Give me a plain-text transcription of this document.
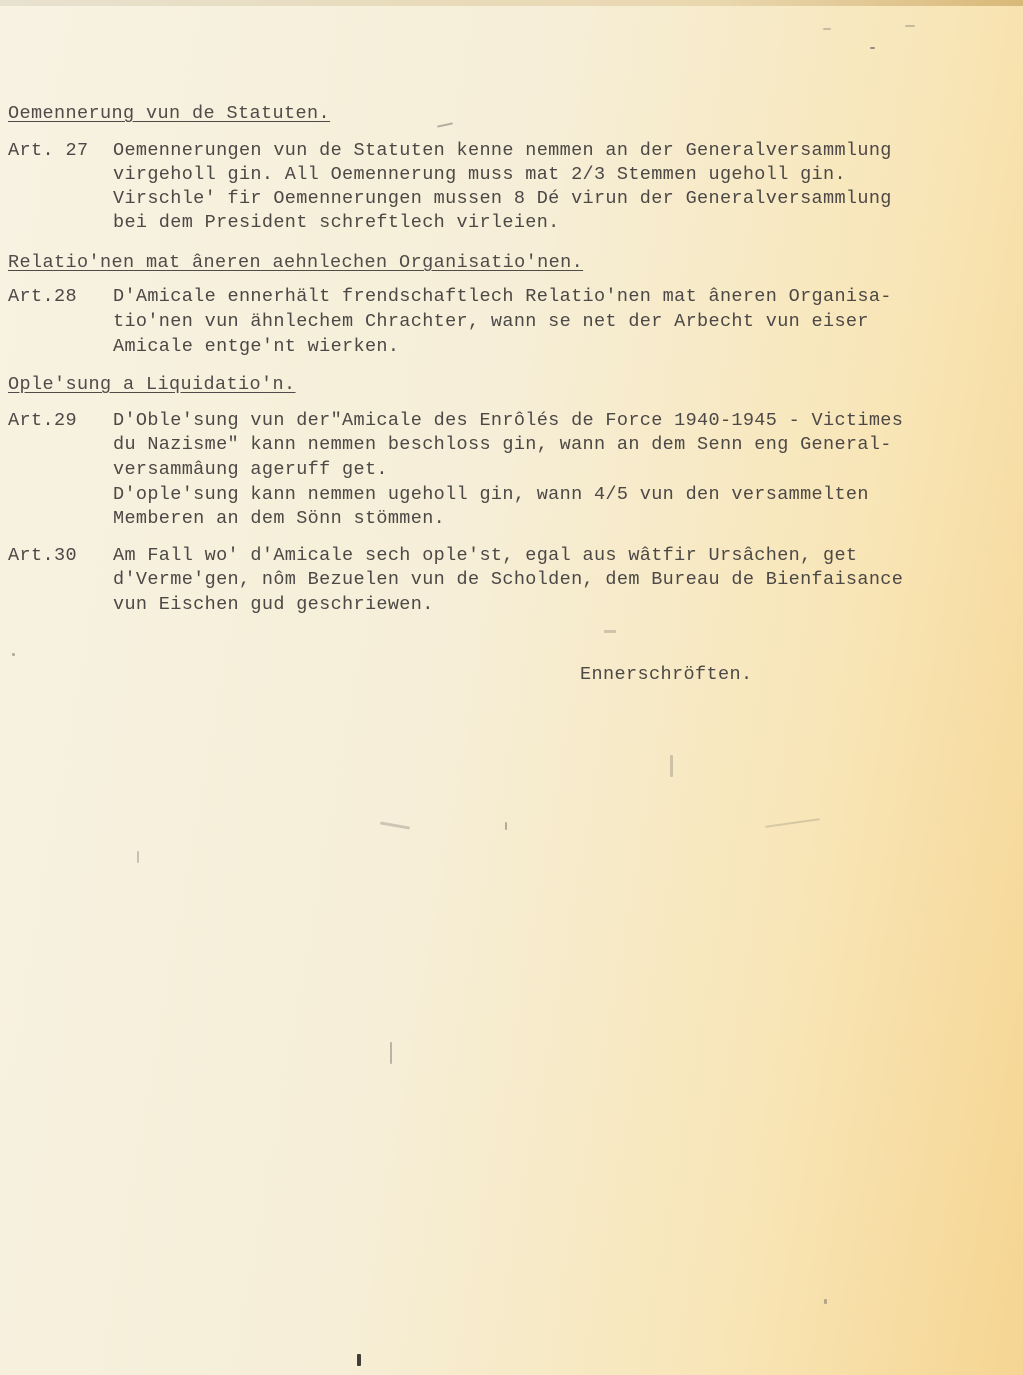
Oemennerung vun de Statuten.
Art. 27 Oemennerungen vun de Statuten kenne nemmen an der Generalversammlung
virgeholl gin. All Oemennerung muss mat 2/3 Stemmen ugeholl gin.
Virschle' fir Oemennerungen mussen 8 Dé virun der Generalversammlung
bei dem President schreftlech virleien.
Relatio'nen mat âneren aehnlechen Organisatio'nen.
Art.28 D'Amicale ennerhält frendschaftlech Relatio'nen mat âneren Organisa-
tio'nen vun ähnlechem Chrachter, wann se net der Arbecht vun eiser
Amicale entge'nt wierken.
Ople'sung a Liquidatio'n.
Art.29 D'Oble'sung vun der"Amicale des Enrôlés de Force 1940-1945 - Victimes
du Nazisme" kann nemmen beschloss gin, wann an dem Senn eng General-
versammâung ageruff get.
D'ople'sung kann nemmen ugeholl gin, wann 4/5 vun den versammelten
Memberen an dem Sönn stömmen.
Art.30 Am Fall wo' d'Amicale sech ople'st, egal aus wâtfir Ursâchen, get
d'Verme'gen, nôm Bezuelen vun de Scholden, dem Bureau de Bienfaisance
vun Eischen gud geschriewen.
Ennerschröften.
